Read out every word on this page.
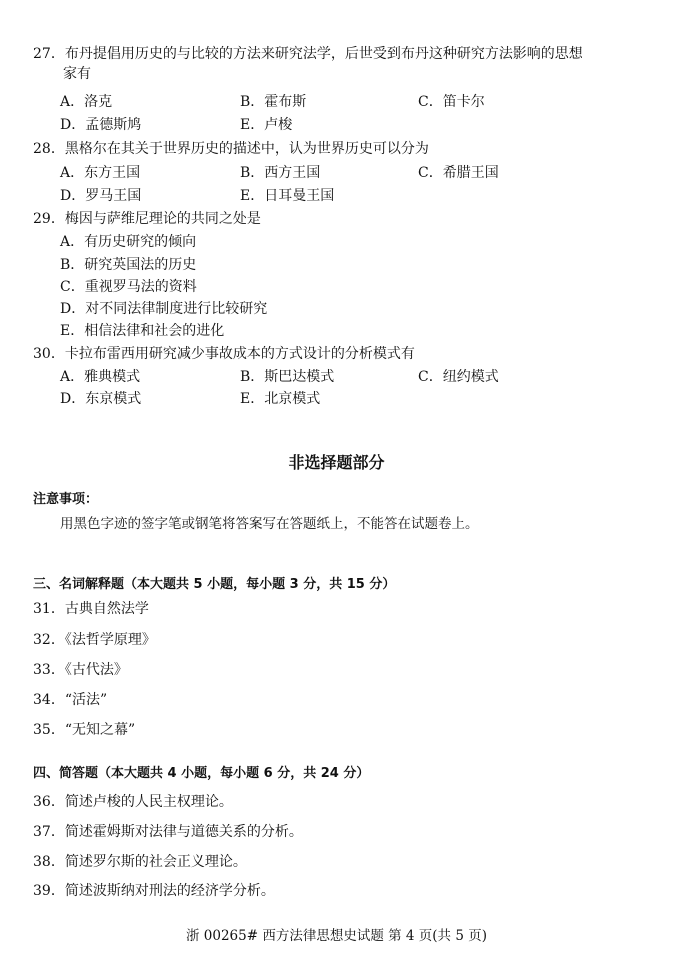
27．布丹提倡用历史的与比较的方法来研究法学，后世受到布丹这种研究方法影响的思想
家有
A．洛克	B．霍布斯	C．笛卡尔
D．孟德斯鸠	E．卢梭
28．黑格尔在其关于世界历史的描述中，认为世界历史可以分为
A．东方王国	B．西方王国	C．希腊王国
D．罗马王国	E．日耳曼王国
29．梅因与萨维尼理论的共同之处是
A．有历史研究的倾向
B．研究英国法的历史
C．重视罗马法的资料
D．对不同法律制度进行比较研究
E．相信法律和社会的进化
30．卡拉布雷西用研究减少事故成本的方式设计的分析模式有
A．雅典模式	B．斯巴达模式	C．纽约模式
D．东京模式	E．北京模式
非选择题部分
注意事项：
用黑色字迹的签字笔或钢笔将答案写在答题纸上，不能答在试题卷上。
三、名词解释题（本大题共 5 小题，每小题 3 分，共 15 分）
31．古典自然法学
32．《法哲学原理》
33．《古代法》
34．“活法”
35．“无知之幕”
四、简答题（本大题共 4 小题，每小题 6 分，共 24 分）
36．简述卢梭的人民主权理论。
37．简述霍姆斯对法律与道德关系的分析。
38．简述罗尔斯的社会正义理论。
39．简述波斯纳对刑法的经济学分析。
浙 00265# 西方法律思想史试题 第 4 页(共 5 页)
